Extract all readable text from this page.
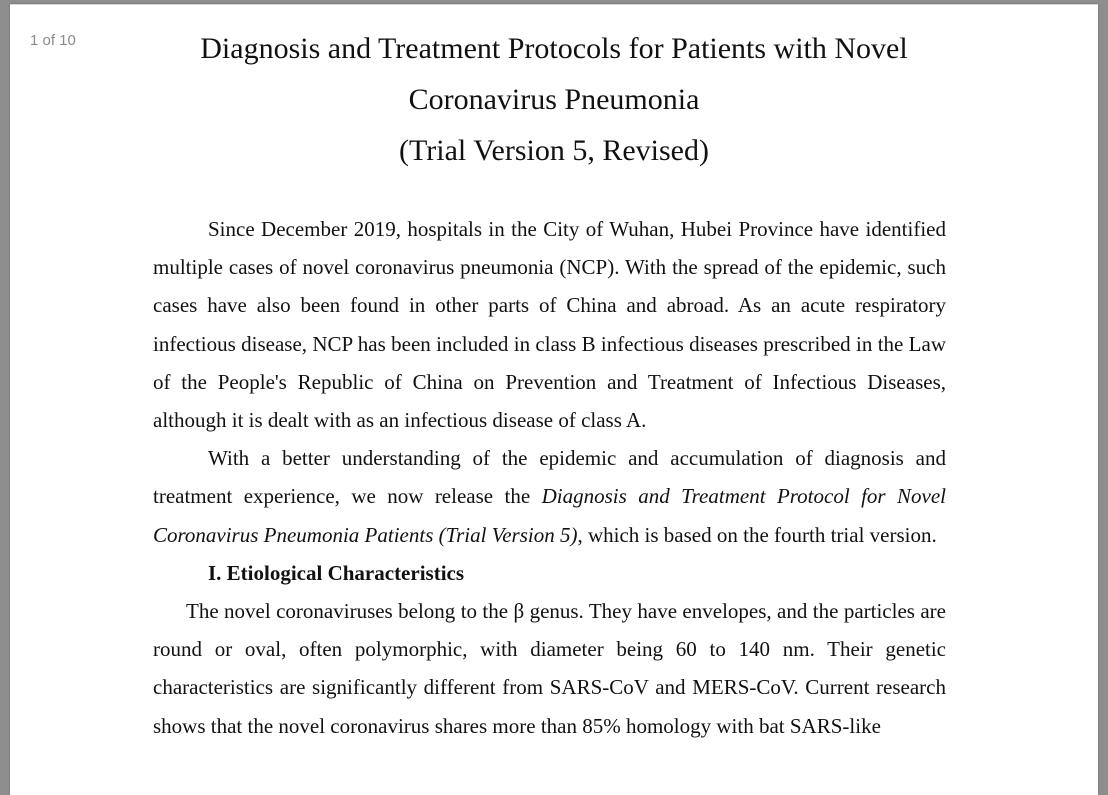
1 of 10	Diagnosis and Treatment Protocols for Patients with Novel
Coronavirus Pneumonia
(Trial Version 5, Revised)

Since December 2019, hospitals in the City of Wuhan, Hubei Province have identified multiple cases of novel coronavirus pneumonia (NCP). With the spread of the epidemic, such cases have also been found in other parts of China and abroad. As an acute respiratory infectious disease, NCP has been included in class B infectious diseases prescribed in the Law of the People's Republic of China on Prevention and Treatment of Infectious Diseases, although it is dealt with as an infectious disease of class A.

With a better understanding of the epidemic and accumulation of diagnosis and treatment experience, we now release the Diagnosis and Treatment Protocol for Novel Coronavirus Pneumonia Patients (Trial Version 5), which is based on the fourth trial version.

I. Etiological Characteristics

The novel coronaviruses belong to the β genus. They have envelopes, and the particles are round or oval, often polymorphic, with diameter being 60 to 140 nm. Their genetic characteristics are significantly different from SARS-CoV and MERS-CoV. Current research shows that the novel coronavirus shares more than 85% homology with bat SARS-like
